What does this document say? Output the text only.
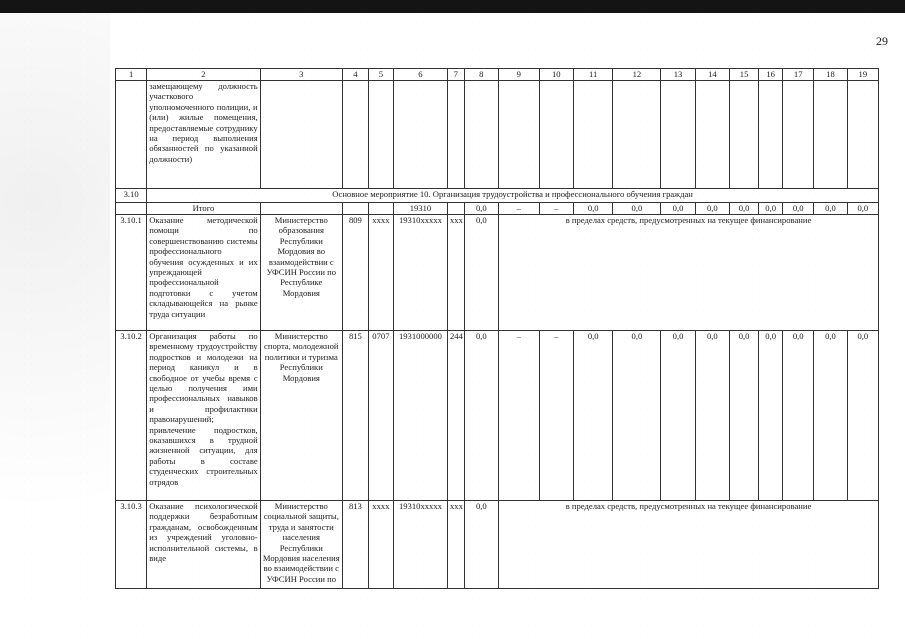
29
1	2	3	4	5	6	7	8	9	10	11	12	13	14	15	16	17	18	19
	замещающему должность участкового уполномоченного полиции, и (или) жилые помещения, предоставляемые сотруднику на период выполнения обязанностей по указанной должности)																	
3.10	Основное мероприятие 10. Организация трудоустройства и профессионального обучения граждан																	
	Итого				19310		0,0	–	–	0,0	0,0	0,0	0,0	0,0	0,0	0,0	0,0	0,0
3.10.1	Оказание методической помощи по совершенствованию системы профессионального обучения осужденных и их упреждающей профессиональной подготовки с учетом складывающейся на рынке труда ситуации	Министерство образования Республики Мордовия во взаимодействии с УФСИН России по Республике Мордовия	809	xxxx	19310xxxxx	xxx	0,0	в пределах средств, предусмотренных на текущее финансирование										
3.10.2	Организация работы по временному трудоустройству подростков и молодежи на период каникул и в свободное от учебы время с целью получения ими профессиональных навыков и профилактики правонарушений; привлечение подростков, оказавшихся в трудной жизненной ситуации, для работы в составе студенческих строительных отрядов	Министерство спорта, молодежной политики и туризма Республики Мордовия	815	0707	1931000000	244	0,0	–	–	0,0	0,0	0,0	0,0	0,0	0,0	0,0	0,0	0,0
3.10.3	Оказание психологической поддержки безработным гражданам, освобожденным из учреждений уголовно-исполнительной системы, в виде	Министерство социальной защиты, труда и занятости населения Республики Мордовия населения во взаимодействии с УФСИН России по	813	xxxx	19310xxxxx	xxx	0,0	в пределах средств, предусмотренных на текущее финансирование										
